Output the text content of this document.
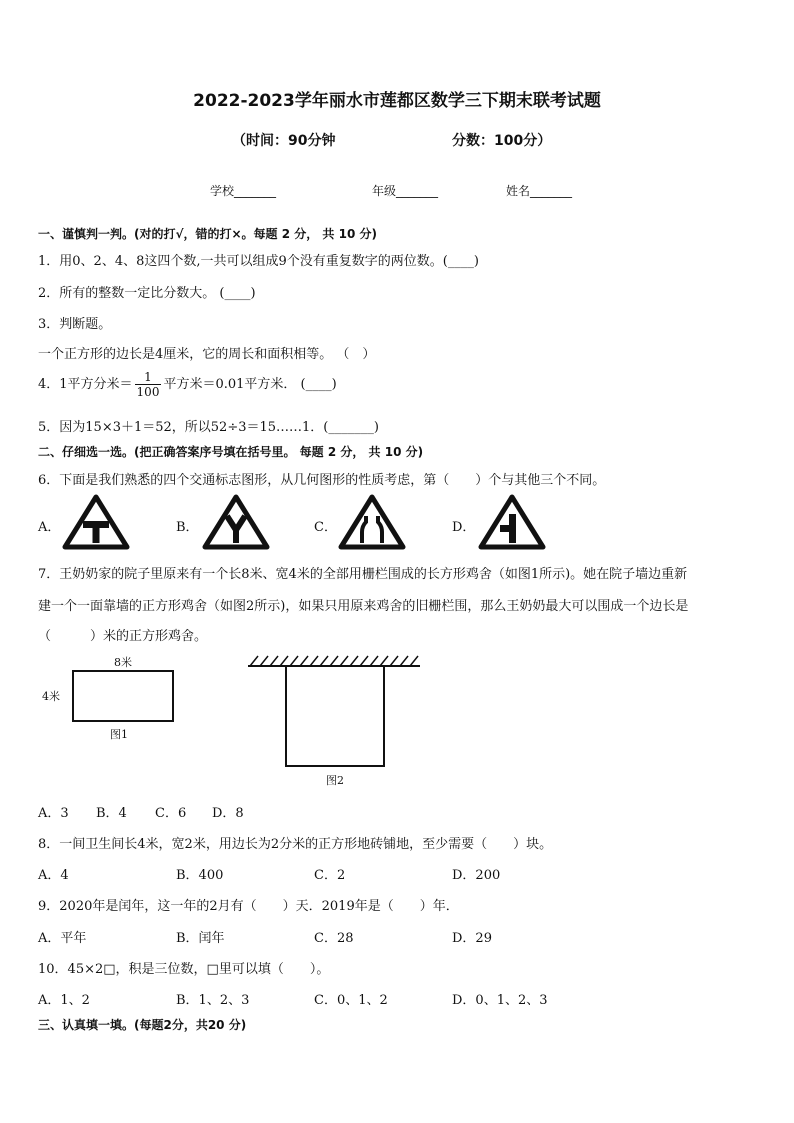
2022-2023学年丽水市莲都区数学三下期末联考试题
（时间：90分钟	分数：100分）
学校_______	年级_______	姓名_______
一、谨慎判一判。(对的打√，错的打×。每题 2 分， 共 10 分)
1．用0、2、4、8这四个数,一共可以组成9个没有重复数字的两位数。(____)
2．所有的整数一定比分数大。 (____)
3．判断题。
一个正方形的边长是4厘米，它的周长和面积相等。 （　）
4．1平方分米＝ $\frac{1}{100}$ 平方米＝0.01平方米． (____)
5．因为15×3＋1＝52，所以52÷3＝15……1．(_______)
二、仔细选一选。(把正确答案序号填在括号里。 每题 2 分， 共 10 分)
6．下面是我们熟悉的四个交通标志图形，从几何图形的性质考虑，第（　　）个与其他三个不同。
A．	B．	C．	D．
7．王奶奶家的院子里原来有一个长8米、宽4米的全部用栅栏围成的长方形鸡舍（如图1所示)。她在院子墙边重新
建一个一面靠墙的正方形鸡舍（如图2所示)，如果只用原来鸡舍的旧栅栏围，那么王奶奶最大可以围成一个边长是
（　　　）米的正方形鸡舍。
8米
4米
图1
图2
A．3 B．4 C．6 D．8
8．一间卫生间长4米，宽2米，用边长为2分米的正方形地砖铺地，至少需要（　　）块。
A．4	B．400	C．2	D．200
9．2020年是闰年，这一年的2月有（　　）天．2019年是（　　）年．
A．平年	B．闰年	C．28	D．29
10．45×2□，积是三位数，□里可以填（　　）。
A．1、2	B．1、2、3	C．0、1、2	D．0、1、2、3
三、认真填一填。(每题2分，共20 分)
